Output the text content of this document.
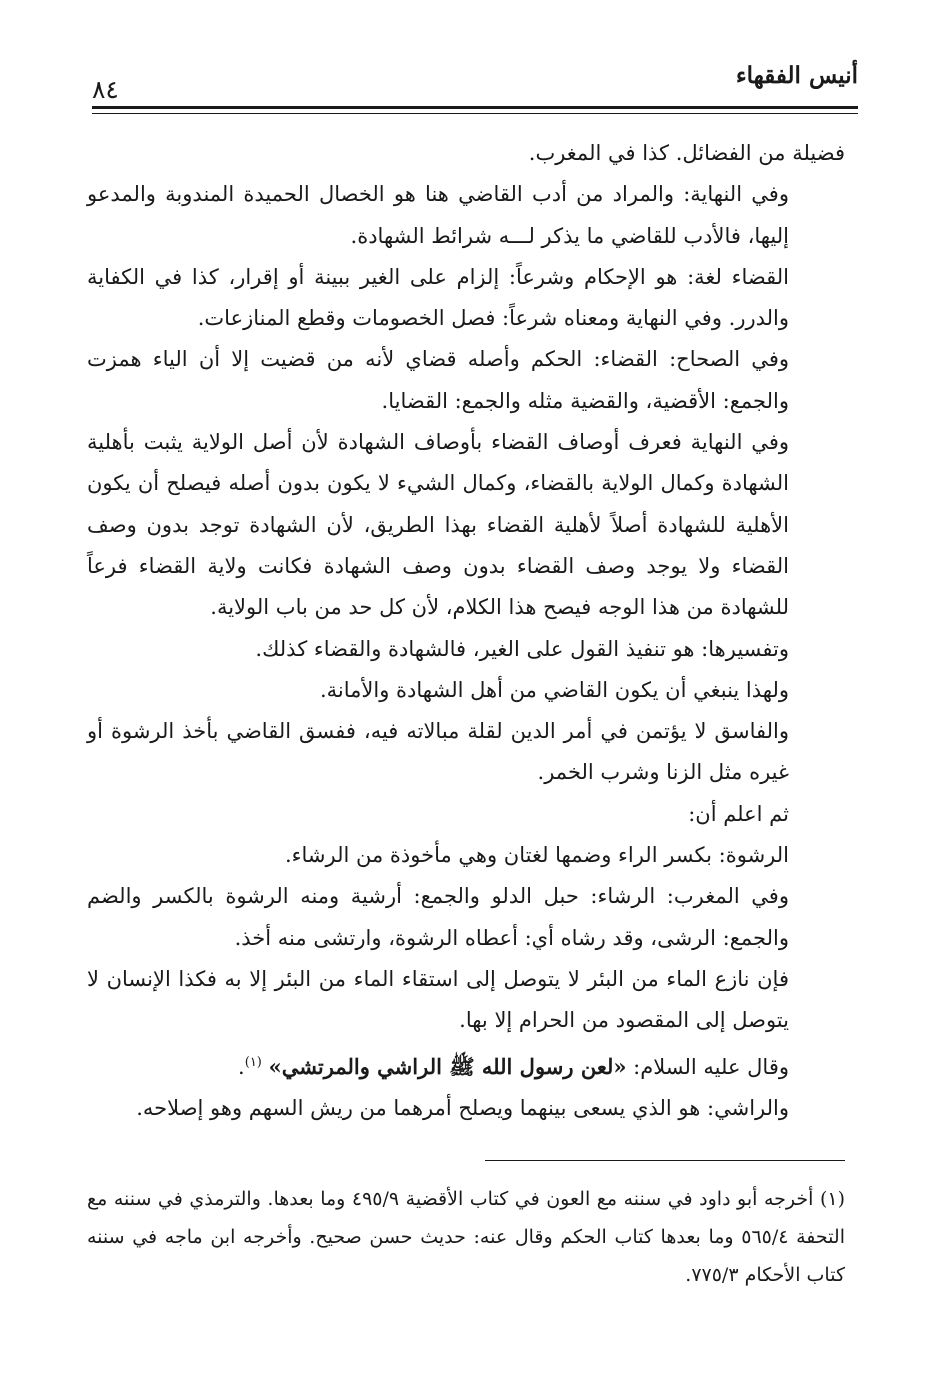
أنيس الفقهاء
٨٤

فضيلة من الفضائل. كذا في المغرب.

وفي النهاية: والمراد من أدب القاضي هنا هو الخصال الحميدة المندوبة والمدعو إليها، فالأدب للقاضي ما يذكر لـــه شرائط الشهادة.

القضاء لغة: هو الإحكام وشرعاً: إلزام على الغير ببينة أو إقرار، كذا في الكفاية والدرر. وفي النهاية ومعناه شرعاً: فصل الخصومات وقطع المنازعات.

وفي الصحاح: القضاء: الحكم وأصله قضاي لأنه من قضيت إلا أن الياء همزت والجمع: الأقضية، والقضية مثله والجمع: القضايا.

وفي النهاية فعرف أوصاف القضاء بأوصاف الشهادة لأن أصل الولاية يثبت بأهلية الشهادة وكمال الولاية بالقضاء، وكمال الشيء لا يكون بدون أصله فيصلح أن يكون الأهلية للشهادة أصلاً لأهلية القضاء بهذا الطريق، لأن الشهادة توجد بدون وصف القضاء ولا يوجد وصف القضاء بدون وصف الشهادة فكانت ولاية القضاء فرعاً للشهادة من هذا الوجه فيصح هذا الكلام، لأن كل حد من باب الولاية.

وتفسيرها: هو تنفيذ القول على الغير، فالشهادة والقضاء كذلك.

ولهذا ينبغي أن يكون القاضي من أهل الشهادة والأمانة.

والفاسق لا يؤتمن في أمر الدين لقلة مبالاته فيه، ففسق القاضي بأخذ الرشوة أو غيره مثل الزنا وشرب الخمر.

ثم اعلم أن:

الرشوة: بكسر الراء وضمها لغتان وهي مأخوذة من الرشاء.

وفي المغرب: الرشاء: حبل الدلو والجمع: أرشية ومنه الرشوة بالكسر والضم والجمع: الرشى، وقد رشاه أي: أعطاه الرشوة، وارتشى منه أخذ.

فإن نازع الماء من البئر لا يتوصل إلى استقاء الماء من البئر إلا به فكذا الإنسان لا يتوصل إلى المقصود من الحرام إلا بها.

وقال عليه السلام: «لعن رسول الله ﷺ الراشي والمرتشي» $^{(١)}$.

والراشي: هو الذي يسعى بينهما ويصلح أمرهما من ريش السهم وهو إصلاحه.

(١) أخرجه أبو داود في سننه مع العون في كتاب الأقضية ٤٩٥/٩ وما بعدها. والترمذي في سننه مع التحفة ٥٦٥/٤ وما بعدها كتاب الحكم وقال عنه: حديث حسن صحيح. وأخرجه ابن ماجه في سننه كتاب الأحكام ٧٧٥/٣.
